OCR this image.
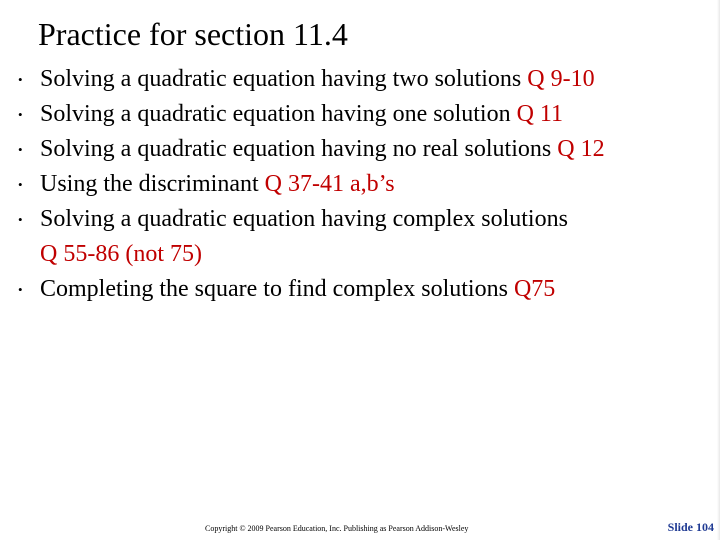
Practice for section 11.4
• Solving a quadratic equation having two solutions Q 9-10
• Solving a quadratic equation having one solution Q 11
• Solving a quadratic equation having no real solutions Q 12
• Using the discriminant Q 37-41 a,b’s
• Solving a quadratic equation having complex solutions
Q 55-86 (not 75)
• Completing the square to find complex solutions Q75
Copyright © 2009 Pearson Education, Inc. Publishing as Pearson Addison-Wesley	Slide 104
